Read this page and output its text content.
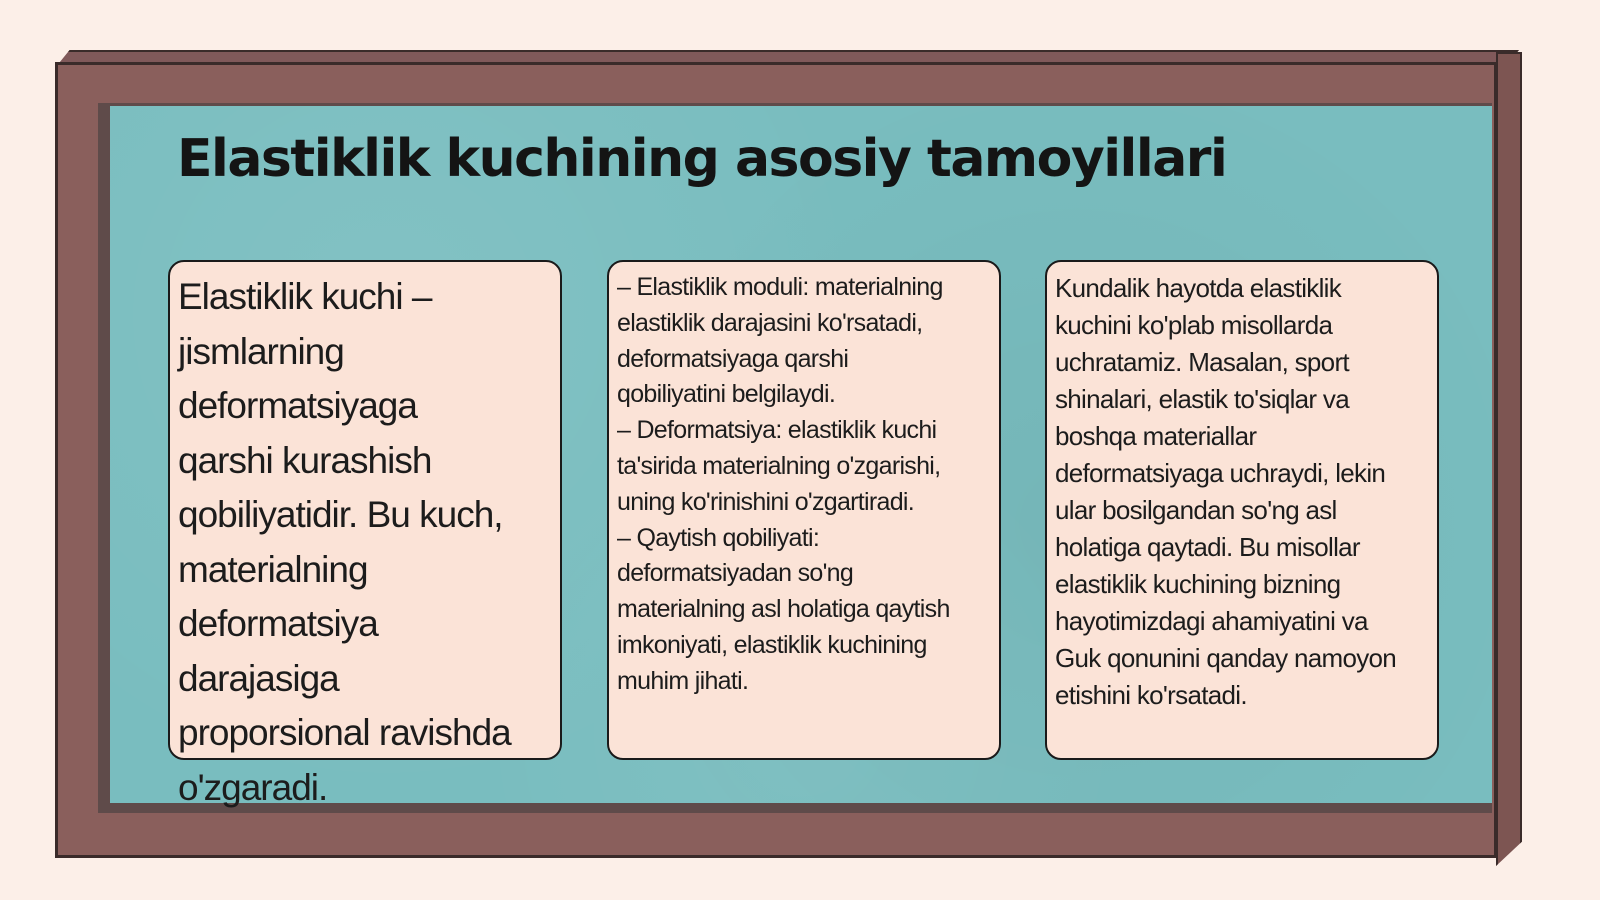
Elastiklik kuchining asosiy tamoyillari

Elastiklik kuchi –
jismlarning
deformatsiyaga
qarshi kurashish
qobiliyatidir. Bu kuch,
materialning
deformatsiya
darajasiga
proporsional ravishda
o'zgaradi.

– Elastiklik moduli: materialning
elastiklik darajasini ko'rsatadi,
deformatsiyaga qarshi
qobiliyatini belgilaydi.
– Deformatsiya: elastiklik kuchi
ta'sirida materialning o'zgarishi,
uning ko'rinishini o'zgartiradi.
– Qaytish qobiliyati:
deformatsiyadan so'ng
materialning asl holatiga qaytish
imkoniyati, elastiklik kuchining
muhim jihati.

Kundalik hayotda elastiklik
kuchini ko'plab misollarda
uchratamiz. Masalan, sport
shinalari, elastik to'siqlar va
boshqa materiallar
deformatsiyaga uchraydi, lekin
ular bosilgandan so'ng asl
holatiga qaytadi. Bu misollar
elastiklik kuchining bizning
hayotimizdagi ahamiyatini va
Guk qonunini qanday namoyon
etishini ko'rsatadi.
